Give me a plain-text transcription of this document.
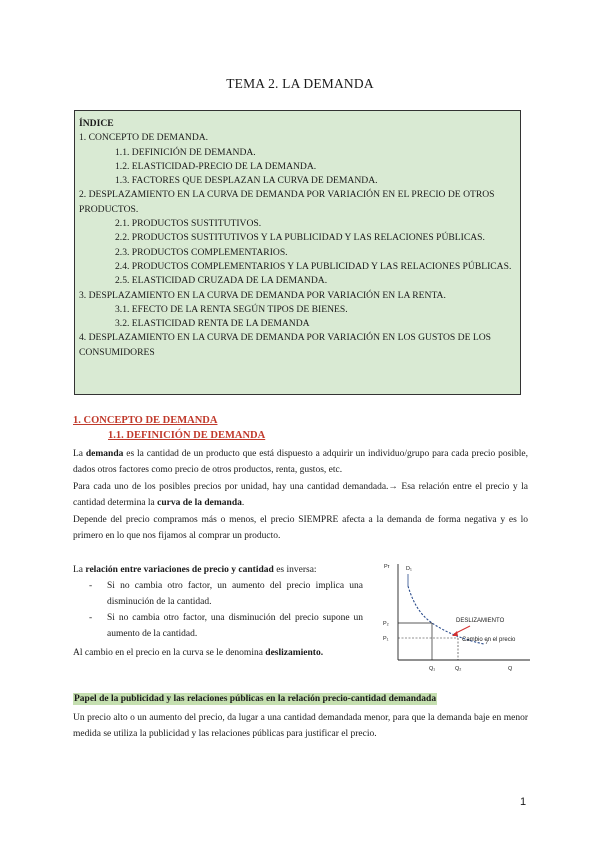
TEMA 2. LA DEMANDA
ÍNDICE
1. CONCEPTO DE DEMANDA.
1.1. DEFINICIÓN DE DEMANDA.
1.2. ELASTICIDAD-PRECIO DE LA DEMANDA.
1.3. FACTORES QUE DESPLAZAN LA CURVA DE DEMANDA.
2. DESPLAZAMIENTO EN LA CURVA DE DEMANDA POR VARIACIÓN EN EL PRECIO DE OTROS PRODUCTOS.
2.1. PRODUCTOS SUSTITUTIVOS.
2.2. PRODUCTOS SUSTITUTIVOS Y LA PUBLICIDAD Y LAS RELACIONES PÚBLICAS.
2.3. PRODUCTOS COMPLEMENTARIOS.
2.4. PRODUCTOS COMPLEMENTARIOS Y LA PUBLICIDAD Y LAS RELACIONES PÚBLICAS.
2.5. ELASTICIDAD CRUZADA DE LA DEMANDA.
3. DESPLAZAMIENTO EN LA CURVA DE DEMANDA POR VARIACIÓN EN LA RENTA.
3.1. EFECTO DE LA RENTA SEGÚN TIPOS DE BIENES.
3.2. ELASTICIDAD RENTA DE LA DEMANDA
4. DESPLAZAMIENTO EN LA CURVA DE DEMANDA POR VARIACIÓN EN LOS GUSTOS DE LOS CONSUMIDORES
1. CONCEPTO DE DEMANDA
1.1. DEFINICIÓN DE DEMANDA
La demanda es la cantidad de un producto que está dispuesto a adquirir un individuo/grupo para cada precio posible, dados otros factores como precio de otros productos, renta, gustos, etc.
Para cada uno de los posibles precios por unidad, hay una cantidad demandada.→ Esa relación entre el precio y la cantidad determina la curva de la demanda.
Depende del precio compramos más o menos, el precio SIEMPRE afecta a la demanda de forma negativa y es lo primero en lo que nos fijamos al comprar un producto.
La relación entre variaciones de precio y cantidad es inversa:
- Si no cambia otro factor, un aumento del precio implica una disminución de la cantidad.
- Si no cambia otro factor, una disminución del precio supone un aumento de la cantidad.
Al cambio en el precio en la curva se le denomina deslizamiento.
Papel de la publicidad y las relaciones públicas en la relación precio-cantidad demandada
Un precio alto o un aumento del precio, da lugar a una cantidad demandada menor, para que la demanda baje en menor medida se utiliza la publicidad y las relaciones públicas para justificar el precio.
Pr	D₁
P₂
P₁
Q₁	Q₂	Q
DESLIZAMIENTO
Cambio en el precio
1
